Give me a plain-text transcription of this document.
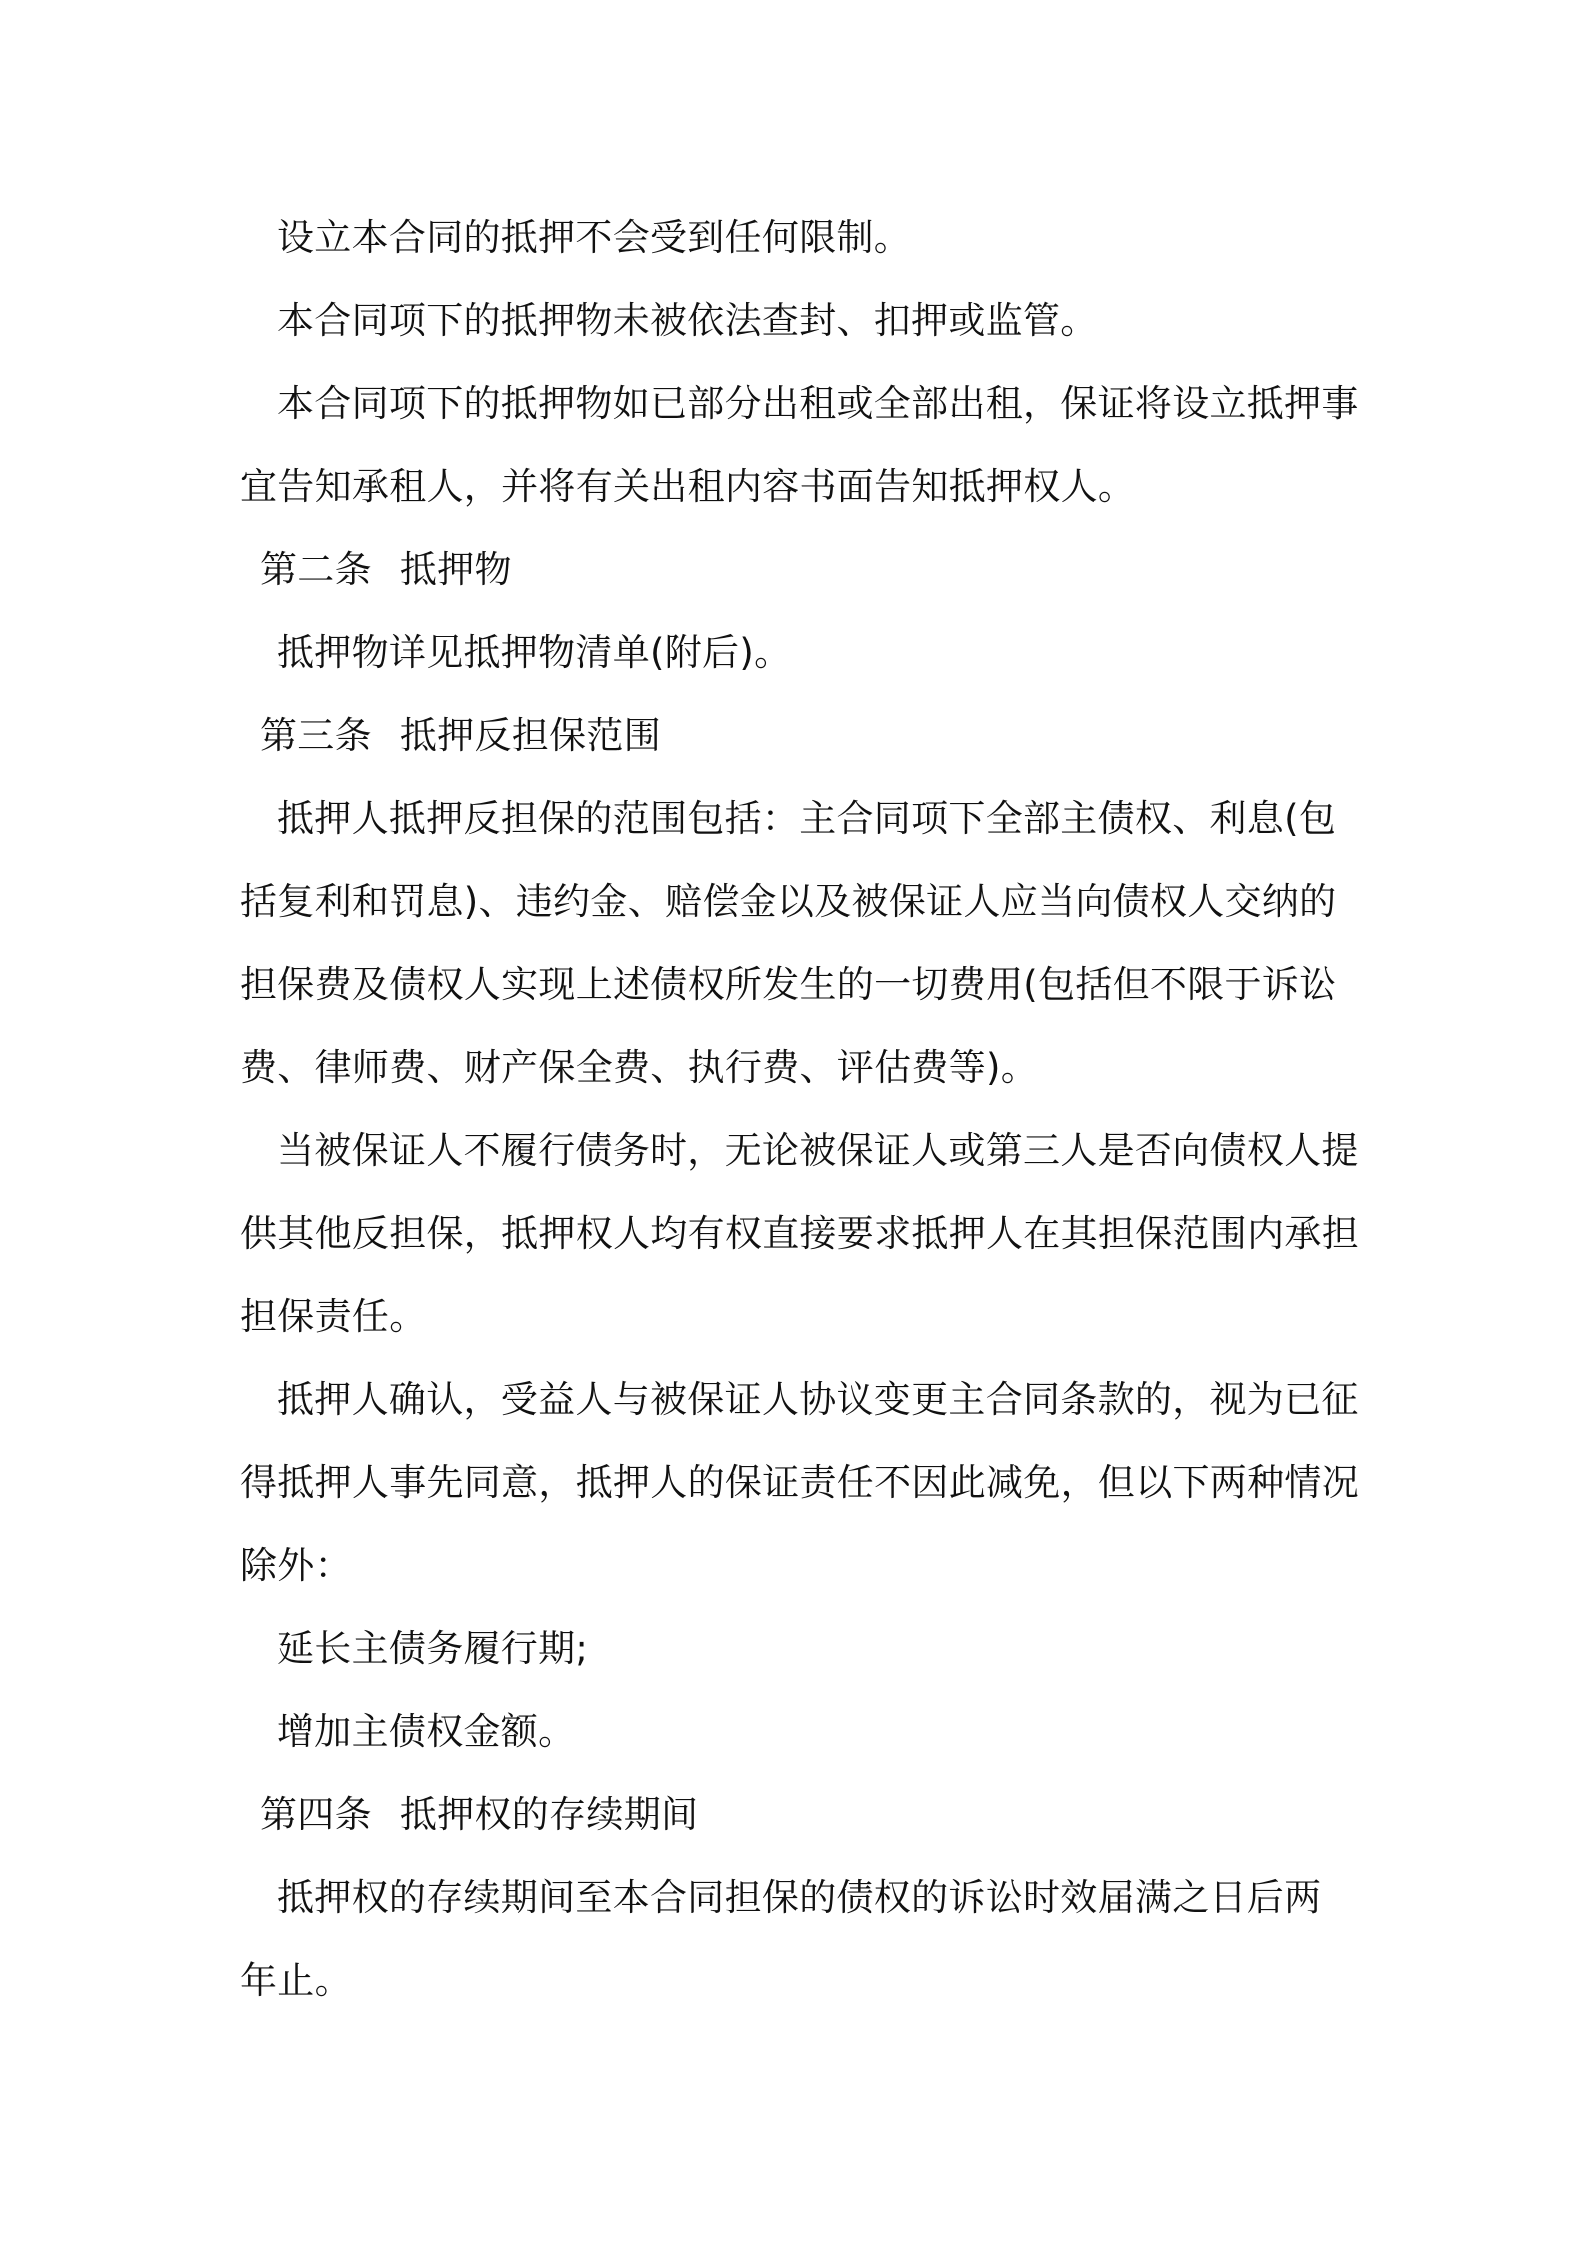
设立本合同的抵押不会受到任何限制。

本合同项下的抵押物未被依法查封、扣押或监管。

本合同项下的抵押物如已部分出租或全部出租，保证将设立抵押事

宜告知承租人，并将有关出租内容书面告知抵押权人。

第二条 抵押物

抵押物详见抵押物清单(附后)。

第三条 抵押反担保范围

抵押人抵押反担保的范围包括：主合同项下全部主债权、利息(包

括复利和罚息)、违约金、赔偿金以及被保证人应当向债权人交纳的

担保费及债权人实现上述债权所发生的一切费用(包括但不限于诉讼

费、律师费、财产保全费、执行费、评估费等)。

当被保证人不履行债务时，无论被保证人或第三人是否向债权人提

供其他反担保，抵押权人均有权直接要求抵押人在其担保范围内承担

担保责任。

抵押人确认，受益人与被保证人协议变更主合同条款的，视为已征

得抵押人事先同意，抵押人的保证责任不因此减免，但以下两种情况

除外：

延长主债务履行期;

增加主债权金额。

第四条 抵押权的存续期间

抵押权的存续期间至本合同担保的债权的诉讼时效届满之日后两

年止。
